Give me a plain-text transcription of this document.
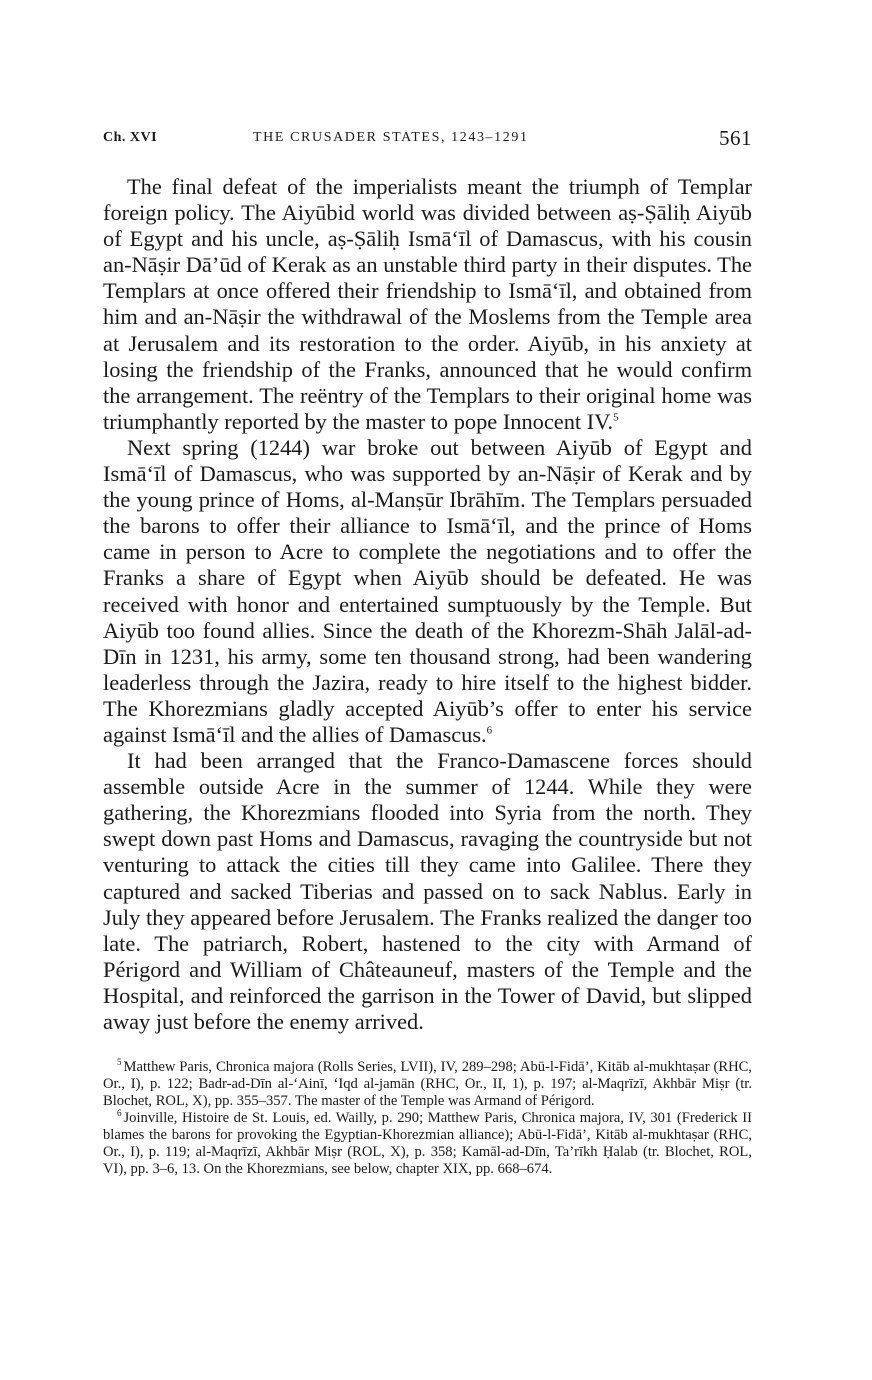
Ch. XVI	THE CRUSADER STATES, 1243–1291	561

The final defeat of the imperialists meant the triumph of Templar foreign policy. The Aiyūbid world was divided between aṣ-Ṣāliḥ Aiyūb of Egypt and his uncle, aṣ-Ṣāliḥ Ismā‘īl of Damascus, with his cousin an-Nāṣir Dā’ūd of Kerak as an unstable third party in their disputes. The Templars at once offered their friendship to Ismā‘īl, and obtained from him and an-Nāṣir the withdrawal of the Moslems from the Temple area at Jerusalem and its restoration to the order. Aiyūb, in his anxiety at losing the friendship of the Franks, announced that he would confirm the arrangement. The reëntry of the Templars to their original home was triumphantly reported by the master to pope Innocent IV.$^5$

Next spring (1244) war broke out between Aiyūb of Egypt and Ismā‘īl of Damascus, who was supported by an-Nāṣir of Kerak and by the young prince of Homs, al-Manṣūr Ibrāhīm. The Templars persuaded the barons to offer their alliance to Ismā‘īl, and the prince of Homs came in person to Acre to complete the negotiations and to offer the Franks a share of Egypt when Aiyūb should be defeated. He was received with honor and entertained sumptuously by the Temple. But Aiyūb too found allies. Since the death of the Khorezm-Shāh Jalāl-ad-Dīn in 1231, his army, some ten thousand strong, had been wandering leaderless through the Jazira, ready to hire itself to the highest bidder. The Khorezmians gladly accepted Aiyūb’s offer to enter his service against Ismā‘īl and the allies of Damascus.$^6$

It had been arranged that the Franco-Damascene forces should assemble outside Acre in the summer of 1244. While they were gathering, the Khorezmians flooded into Syria from the north. They swept down past Homs and Damascus, ravaging the countryside but not venturing to attack the cities till they came into Galilee. There they captured and sacked Tiberias and passed on to sack Nablus. Early in July they appeared before Jerusalem. The Franks realized the danger too late. The patriarch, Robert, hastened to the city with Armand of Périgord and William of Châteauneuf, masters of the Temple and the Hospital, and reinforced the garrison in the Tower of David, but slipped away just before the enemy arrived.

$^5$ Matthew Paris, Chronica majora (Rolls Series, LVII), IV, 289–298; Abū-l-Fidā’, Kitāb al-mukhtaṣar (RHC, Or., I), p. 122; Badr-ad-Dīn al-‘Ainī, ‘Iqd al-jamān (RHC, Or., II, 1), p. 197; al-Maqrīzī, Akhbār Miṣr (tr. Blochet, ROL, X), pp. 355–357. The master of the Temple was Armand of Périgord.

$^6$ Joinville, Histoire de St. Louis, ed. Wailly, p. 290; Matthew Paris, Chronica majora, IV, 301 (Frederick II blames the barons for provoking the Egyptian-Khorezmian alliance); Abū-l-Fidā’, Kitāb al-mukhtaṣar (RHC, Or., I), p. 119; al-Maqrīzī, Akhbār Miṣr (ROL, X), p. 358; Kamāl-ad-Dīn, Ta’rīkh Ḥalab (tr. Blochet, ROL, VI), pp. 3–6, 13. On the Khorezmians, see below, chapter XIX, pp. 668–674.
